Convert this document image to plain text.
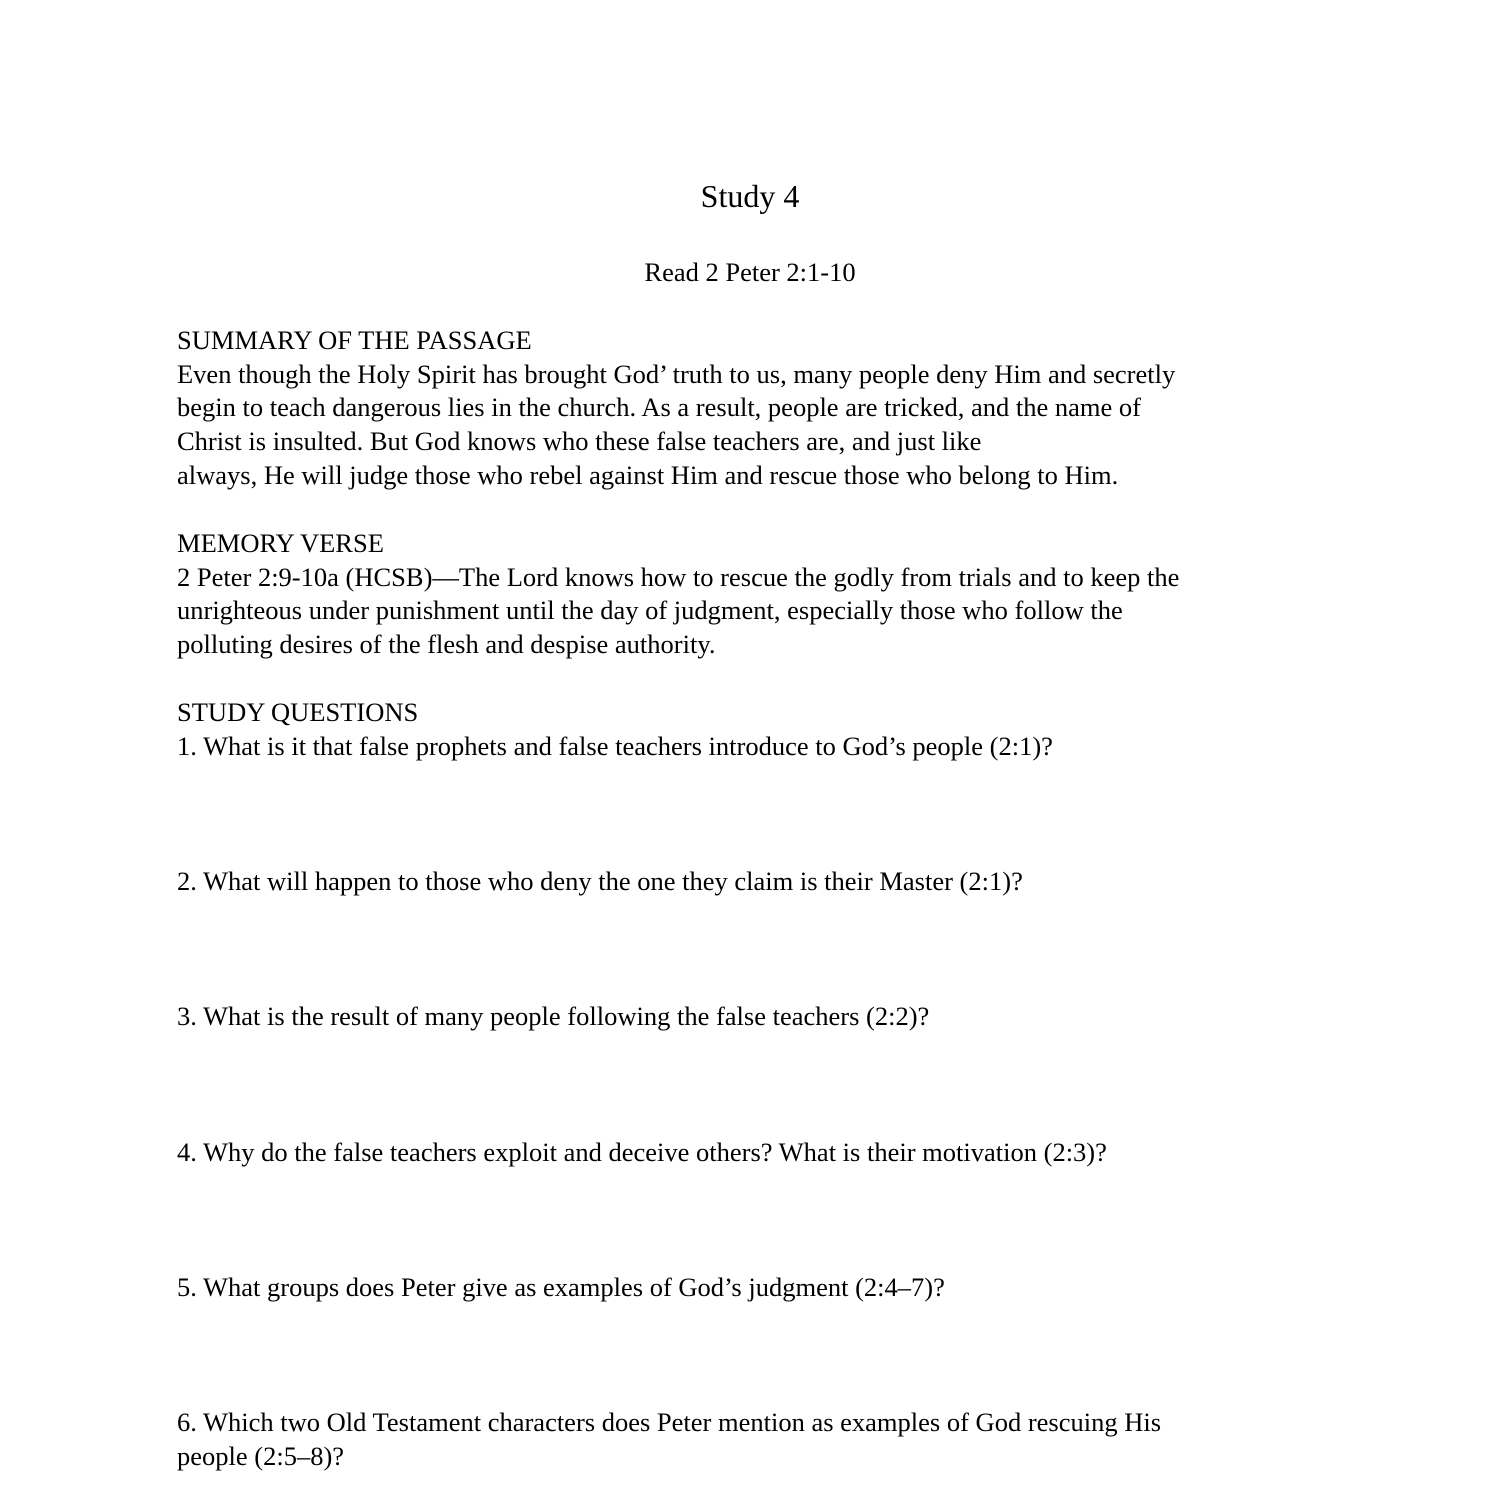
Study 4

Read 2 Peter 2:1-10

SUMMARY OF THE PASSAGE
Even though the Holy Spirit has brought God’ truth to us, many people deny Him and secretly
begin to teach dangerous lies in the church. As a result, people are tricked, and the name of
Christ is insulted. But God knows who these false teachers are, and just like
always, He will judge those who rebel against Him and rescue those who belong to Him.
MEMORY VERSE
2 Peter 2:9-10a (HCSB)—The Lord knows how to rescue the godly from trials and to keep the
unrighteous under punishment until the day of judgment, especially those who follow the
polluting desires of the flesh and despise authority.
STUDY QUESTIONS
1. What is it that false prophets and false teachers introduce to God’s people (2:1)?
2. What will happen to those who deny the one they claim is their Master (2:1)?
3. What is the result of many people following the false teachers (2:2)?
4. Why do the false teachers exploit and deceive others? What is their motivation (2:3)?
5. What groups does Peter give as examples of God’s judgment (2:4–7)?
6. Which two Old Testament characters does Peter mention as examples of God rescuing His
people (2:5–8)?
